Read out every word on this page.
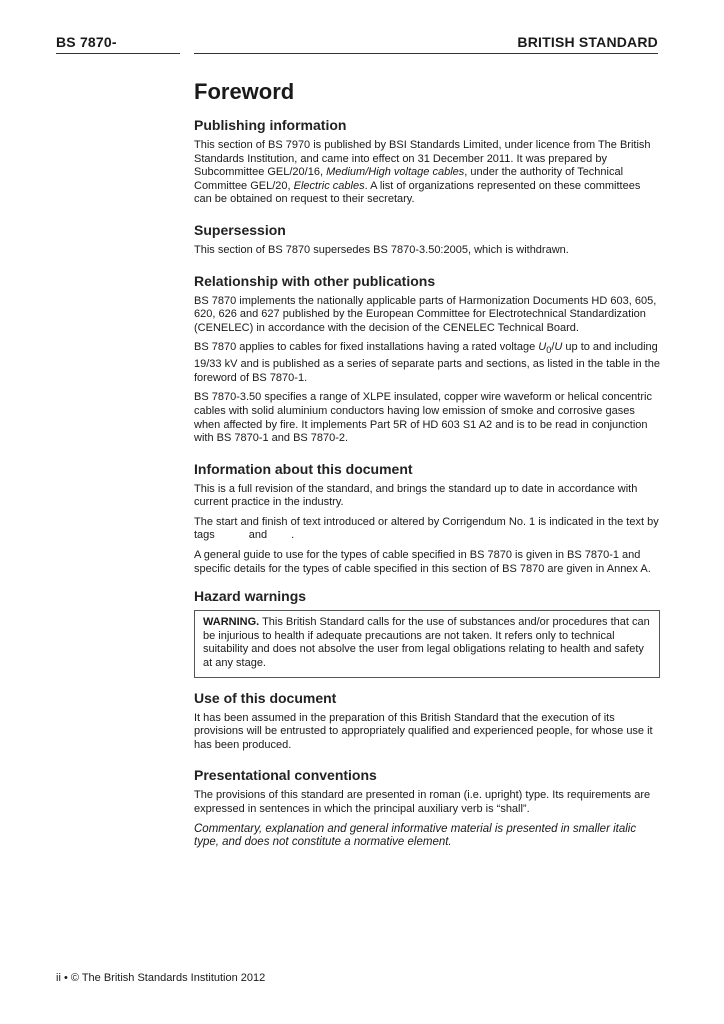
BS 7870-	BRITISH STANDARD
Foreword
Publishing information

This section of BS 7970 is published by BSI Standards Limited, under licence from The British Standards Institution, and came into effect on 31 December 2011. It was prepared by Subcommittee GEL/20/16, Medium/High voltage cables, under the authority of Technical Committee GEL/20, Electric cables. A list of organizations represented on these committees can be obtained on request to their secretary.

Supersession

This section of BS 7870 supersedes BS 7870-3.50:2005, which is withdrawn.

Relationship with other publications

BS 7870 implements the nationally applicable parts of Harmonization Documents HD 603, 605, 620, 626 and 627 published by the European Committee for Electrotechnical Standardization (CENELEC) in accordance with the decision of the CENELEC Technical Board.

BS 7870 applies to cables for fixed installations having a rated voltage $U_0/U$ up to and including 19/33 kV and is published as a series of separate parts and sections, as listed in the table in the foreword of BS 7870-1.

BS 7870-3.50 specifies a range of XLPE insulated, copper wire waveform or helical concentric cables with solid aluminium conductors having low emission of smoke and corrosive gases when affected by fire. It implements Part 5R of HD 603 S1 A2 and is to be read in conjunction with BS 7870-1 and BS 7870-2.

Information about this document

This is a full revision of the standard, and brings the standard up to date in accordance with current practice in the industry.

The start and finish of text introduced or altered by Corrigendum No. 1 is indicated in the text by tags	and .

A general guide to use for the types of cable specified in BS 7870 is given in BS 7870-1 and specific details for the types of cable specified in this section of BS 7870 are given in Annex A.

Hazard warnings

WARNING. This British Standard calls for the use of substances and/or procedures that can be injurious to health if adequate precautions are not taken. It refers only to technical suitability and does not absolve the user from legal obligations relating to health and safety at any stage.

Use of this document

It has been assumed in the preparation of this British Standard that the execution of its provisions will be entrusted to appropriately qualified and experienced people, for whose use it has been produced.

Presentational conventions

The provisions of this standard are presented in roman (i.e. upright) type. Its requirements are expressed in sentences in which the principal auxiliary verb is “shall”.

Commentary, explanation and general informative material is presented in smaller italic type, and does not constitute a normative element.

ii • © The British Standards Institution 2012
